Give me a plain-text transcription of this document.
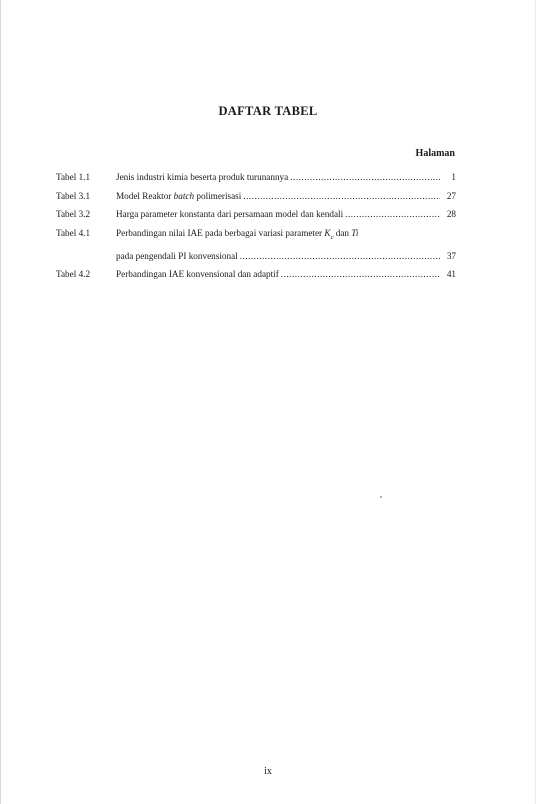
DAFTAR TABEL
Halaman
Tabel 1.1	Jenis industri kimia beserta produk turunannya .....	1
Tabel 3.1	Model Reaktor batch polimerisasi .....	27
Tabel 3.2	Harga parameter konstanta dari persamaan model dan kendali .....	28
Tabel 4.1	Perbandingan nilai IAE pada berbagai variasi parameter $K_c$ dan Ti
pada pengendali PI konvensional .....	37
Tabel 4.2	Perbandingan IAE konvensional dan adaptif .....	41
ix
